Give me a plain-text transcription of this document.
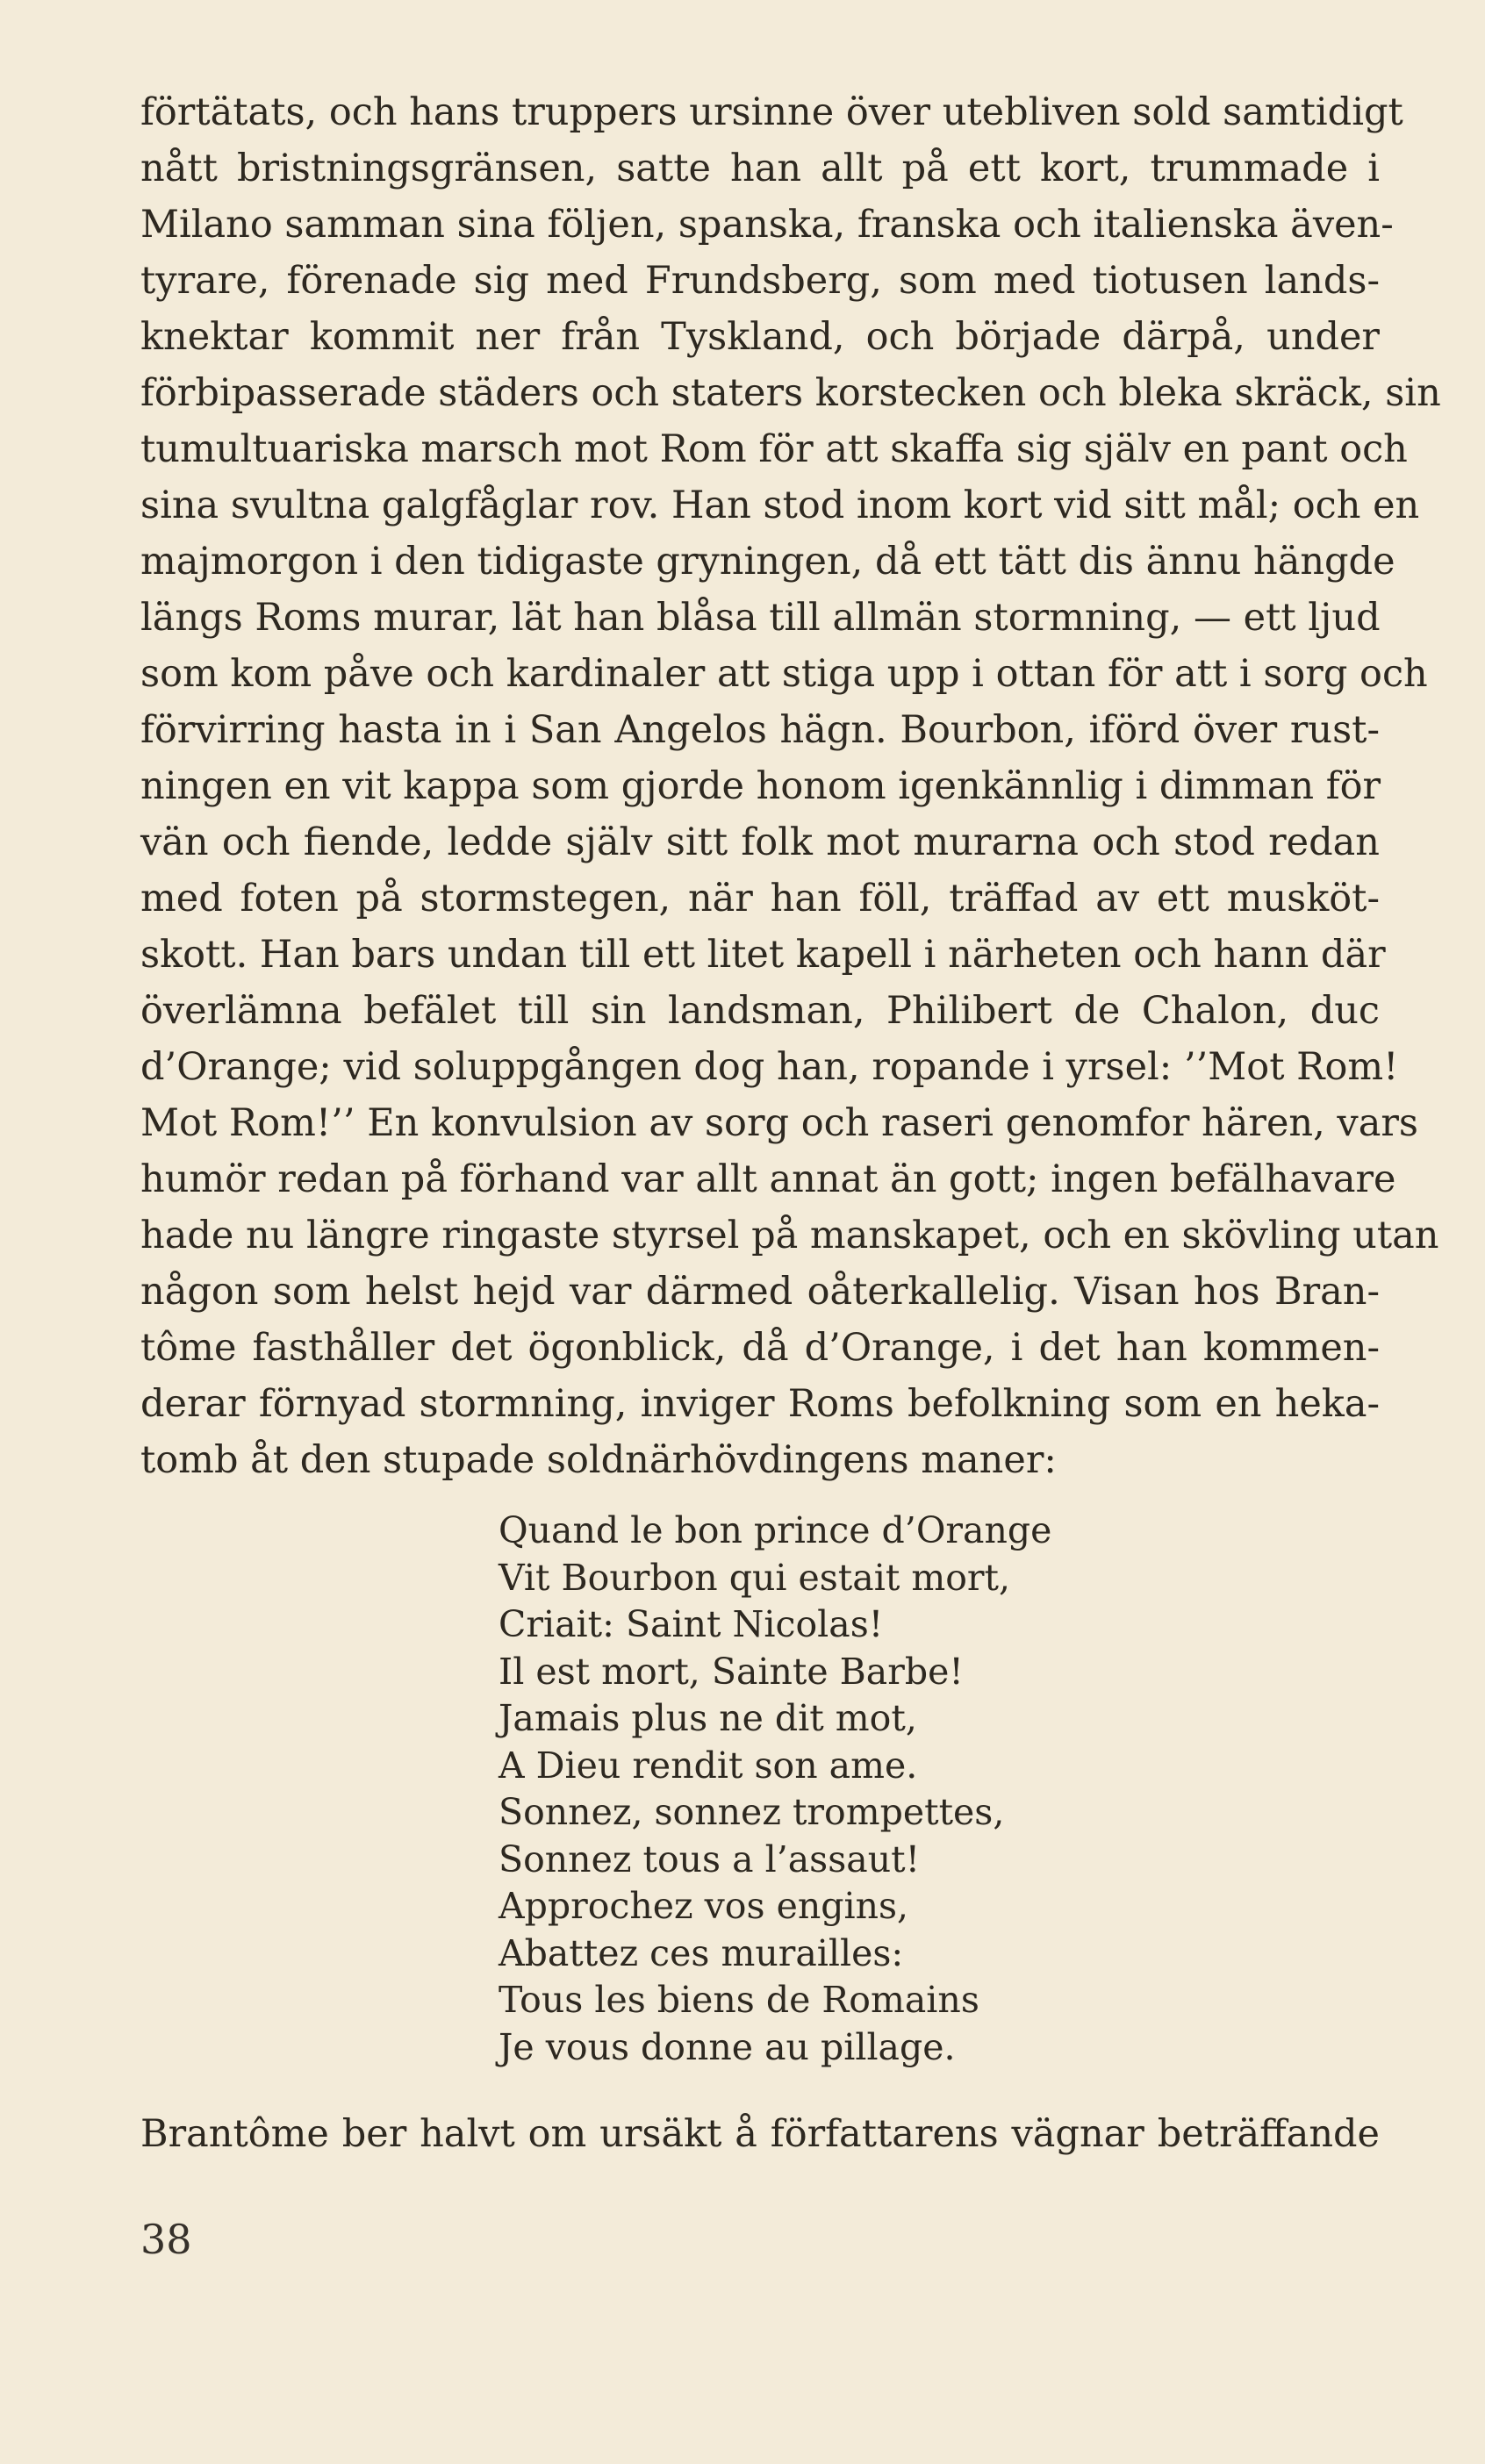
förtätats, och hans truppers ursinne över utebliven sold samtidigt
nått bristningsgränsen, satte han allt på ett kort, trummade i
Milano samman sina följen, spanska, franska och italienska även-
tyrare, förenade sig med Frundsberg, som med tiotusen lands-
knektar kommit ner från Tyskland, och började därpå, under
förbipasserade städers och staters korstecken och bleka skräck, sin
tumultuariska marsch mot Rom för att skaffa sig själv en pant och
sina svultna galgfåglar rov. Han stod inom kort vid sitt mål; och en
majmorgon i den tidigaste gryningen, då ett tätt dis ännu hängde
längs Roms murar, lät han blåsa till allmän stormning, — ett ljud
som kom påve och kardinaler att stiga upp i ottan för att i sorg och
förvirring hasta in i San Angelos hägn. Bourbon, iförd över rust-
ningen en vit kappa som gjorde honom igenkännlig i dimman för
vän och fiende, ledde själv sitt folk mot murarna och stod redan
med foten på stormstegen, när han föll, träffad av ett musköt-
skott. Han bars undan till ett litet kapell i närheten och hann där
överlämna befälet till sin landsman, Philibert de Chalon, duc
d’Orange; vid soluppgången dog han, ropande i yrsel: ’’Mot Rom!
Mot Rom!’’ En konvulsion av sorg och raseri genomfor hären, vars
humör redan på förhand var allt annat än gott; ingen befälhavare
hade nu längre ringaste styrsel på manskapet, och en skövling utan
någon som helst hejd var därmed oåterkallelig. Visan hos Bran-
tôme fasthåller det ögonblick, då d’Orange, i det han kommen-
derar förnyad stormning, inviger Roms befolkning som en heka-
tomb åt den stupade soldnärhövdingens maner:
Quand le bon prince d’Orange
Vit Bourbon qui estait mort,
Criait: Saint Nicolas!
Il est mort, Sainte Barbe!
Jamais plus ne dit mot,
A Dieu rendit son ame.
Sonnez, sonnez trompettes,
Sonnez tous a l’assaut!
Approchez vos engins,
Abattez ces murailles:
Tous les biens de Romains
Je vous donne au pillage.
Brantôme ber halvt om ursäkt å författarens vägnar beträffande
38
